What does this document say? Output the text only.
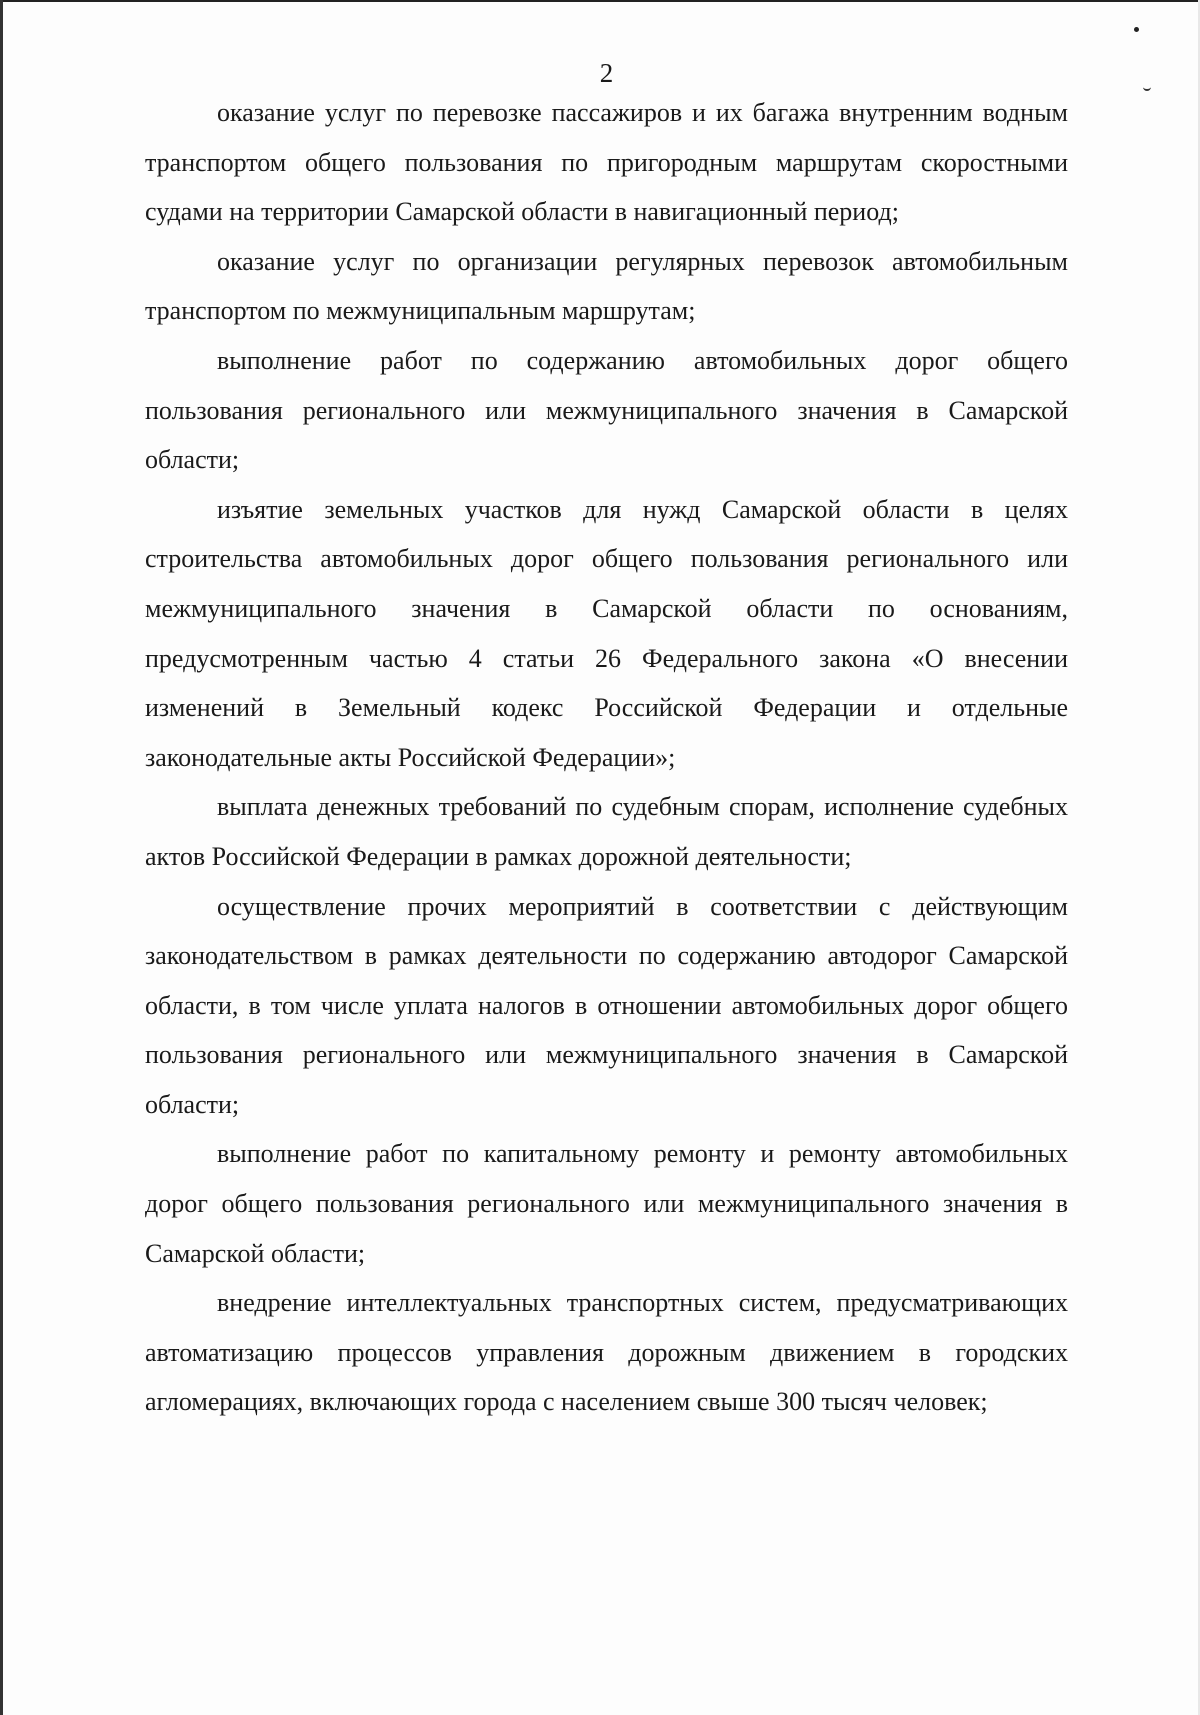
2

оказание услуг по перевозке пассажиров и их багажа внутренним водным транспортом общего пользования по пригородным маршрутам скоростными судами на территории Самарской области в навигационный период;

оказание услуг по организации регулярных перевозок автомобильным транспортом по межмуниципальным маршрутам;

выполнение работ по содержанию автомобильных дорог общего пользования регионального или межмуниципального значения в Самарской области;

изъятие земельных участков для нужд Самарской области в целях строительства автомобильных дорог общего пользования регионального или межмуниципального значения в Самарской области по основаниям, предусмотренным частью 4 статьи 26 Федерального закона «О внесении изменений в Земельный кодекс Российской Федерации и отдельные законодательные акты Российской Федерации»;

выплата денежных требований по судебным спорам, исполнение судебных актов Российской Федерации в рамках дорожной деятельности;

осуществление прочих мероприятий в соответствии с действующим законодательством в рамках деятельности по содержанию автодорог Самарской области, в том числе уплата налогов в отношении автомобильных дорог общего пользования регионального или межмуниципального значения в Самарской области;

выполнение работ по капитальному ремонту и ремонту автомобильных дорог общего пользования регионального или межмуниципального значения в Самарской области;

внедрение интеллектуальных транспортных систем, предусматривающих автоматизацию процессов управления дорожным движением в городских агломерациях, включающих города с населением свыше 300 тысяч человек;
